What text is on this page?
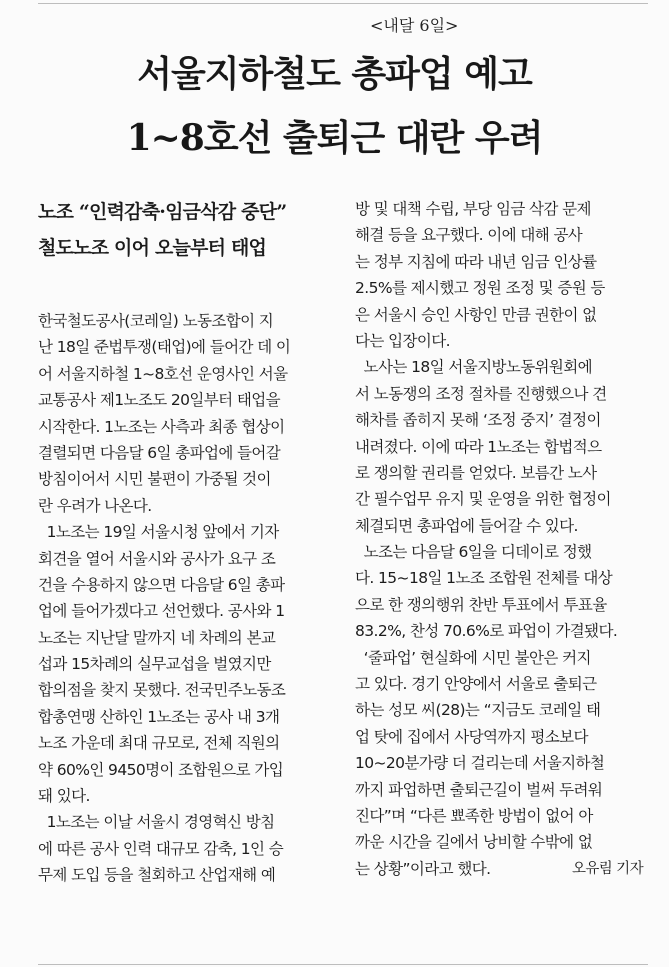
<내달 6일>
서울지하철도 총파업 예고
1~8호선 출퇴근 대란 우려
노조 “인력감축·임금삭감 중단”
철도노조 이어 오늘부터 태업
한국철도공사(코레일) 노동조합이 지
난 18일 준법투쟁(태업)에 들어간 데 이
어 서울지하철 1~8호선 운영사인 서울
교통공사 제1노조도 20일부터 태업을
시작한다. 1노조는 사측과 최종 협상이
결렬되면 다음달 6일 총파업에 들어갈
방침이어서 시민 불편이 가중될 것이
란 우려가 나온다.
1노조는 19일 서울시청 앞에서 기자
회견을 열어 서울시와 공사가 요구 조
건을 수용하지 않으면 다음달 6일 총파
업에 들어가겠다고 선언했다. 공사와 1
노조는 지난달 말까지 네 차례의 본교
섭과 15차례의 실무교섭을 벌였지만
합의점을 찾지 못했다. 전국민주노동조
합총연맹 산하인 1노조는 공사 내 3개
노조 가운데 최대 규모로, 전체 직원의
약 60%인 9450명이 조합원으로 가입
돼 있다.
1노조는 이날 서울시 경영혁신 방침
에 따른 공사 인력 대규모 감축, 1인 승
무제 도입 등을 철회하고 산업재해 예
방 및 대책 수립, 부당 임금 삭감 문제
해결 등을 요구했다. 이에 대해 공사
는 정부 지침에 따라 내년 임금 인상률
2.5%를 제시했고 정원 조정 및 증원 등
은 서울시 승인 사항인 만큼 권한이 없
다는 입장이다.
노사는 18일 서울지방노동위원회에
서 노동쟁의 조정 절차를 진행했으나 견
해차를 좁히지 못해 ‘조정 중지’ 결정이
내려졌다. 이에 따라 1노조는 합법적으
로 쟁의할 권리를 얻었다. 보름간 노사
간 필수업무 유지 및 운영을 위한 협정이
체결되면 총파업에 들어갈 수 있다.
노조는 다음달 6일을 디데이로 정했
다. 15~18일 1노조 조합원 전체를 대상
으로 한 쟁의행위 찬반 투표에서 투표율
83.2%, 찬성 70.6%로 파업이 가결됐다.
‘줄파업’ 현실화에 시민 불안은 커지
고 있다. 경기 안양에서 서울로 출퇴근
하는 성모 씨(28)는 “지금도 코레일 태
업 탓에 집에서 사당역까지 평소보다
10~20분가량 더 걸리는데 서울지하철
까지 파업하면 출퇴근길이 벌써 두려워
진다”며 “다른 뾰족한 방법이 없어 아
까운 시간을 길에서 낭비할 수밖에 없
는 상황”이라고 했다.	오유림 기자
